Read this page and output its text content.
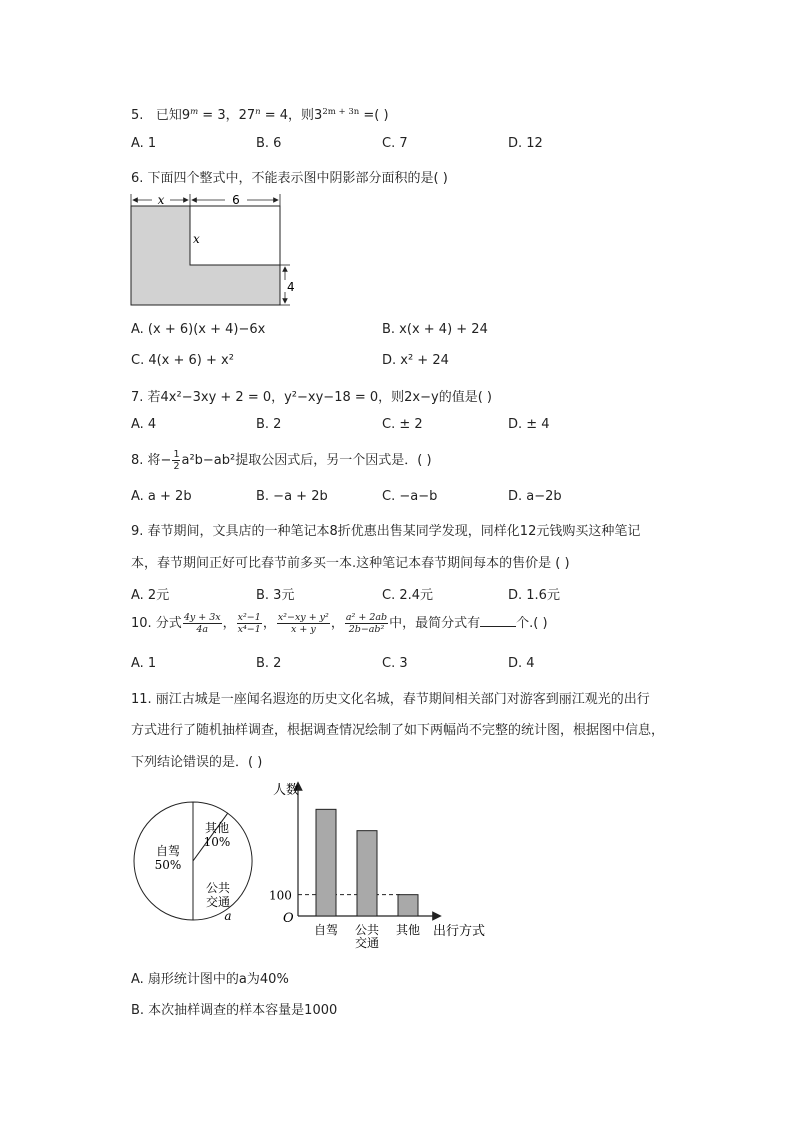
5. 已知$9^m = 3$，$27^n = 4$，则$3^{2m + 3n}$ =( )
A. 1	B. 6	C. 7	D. 12
6. 下面四个整式中，不能表示图中阴影部分面积的是( )
x	6
x
4
A. (x + 6)(x + 4)−6x	B. x(x + 4) + 24
C. 4(x + 6) + x²	D. x² + 24
7. 若4x²−3xy + 2 = 0，y²−xy−18 = 0，则2x−y的值是( )
A. 4	B. 2	C. ± 2	D. ± 4
8. 将− $\frac{1}{2} a^2b-ab^2$提取公因式后，另一个因式是．( )
A. a + 2b	B. −a + 2b	C. −a−b	D. a−2b
9. 春节期间，文具店的一种笔记本8折优惠出售某同学发现，同样化12元钱购买这种笔记
本，春节期间正好可比春节前多买一本.这种笔记本春节期间每本的售价是 ( )
A. 2元	B. 3元	C. 2.4元	D. 1.6元
10. 分式 $\frac{4y + 3x}{4a}$ ， $\frac{\text{x²−1}}{\text{x⁴−1}}$ ， $\frac{\text{x²−xy + y²}}{x + y}$ ， $\frac{\text{a² + 2ab}}{\text{2b−ab²}}$ 中，最简分式有	个.( )
A. 1	B. 2	C. 3	D. 4
11. 丽江古城是一座闻名遐迩的历史文化名城，春节期间相关部门对游客到丽江观光的出行
方式进行了随机抽样调查，根据调查情况绘制了如下两幅尚不完整的统计图，根据图中信息，
下列结论错误的是．( )
自驾
50%
公共
交通
a
其他
10%
人数
出行方式
O
100
自驾 公共
交通
其他
A. 扇形统计图中的a为40%
B. 本次抽样调查的样本容量是1000
